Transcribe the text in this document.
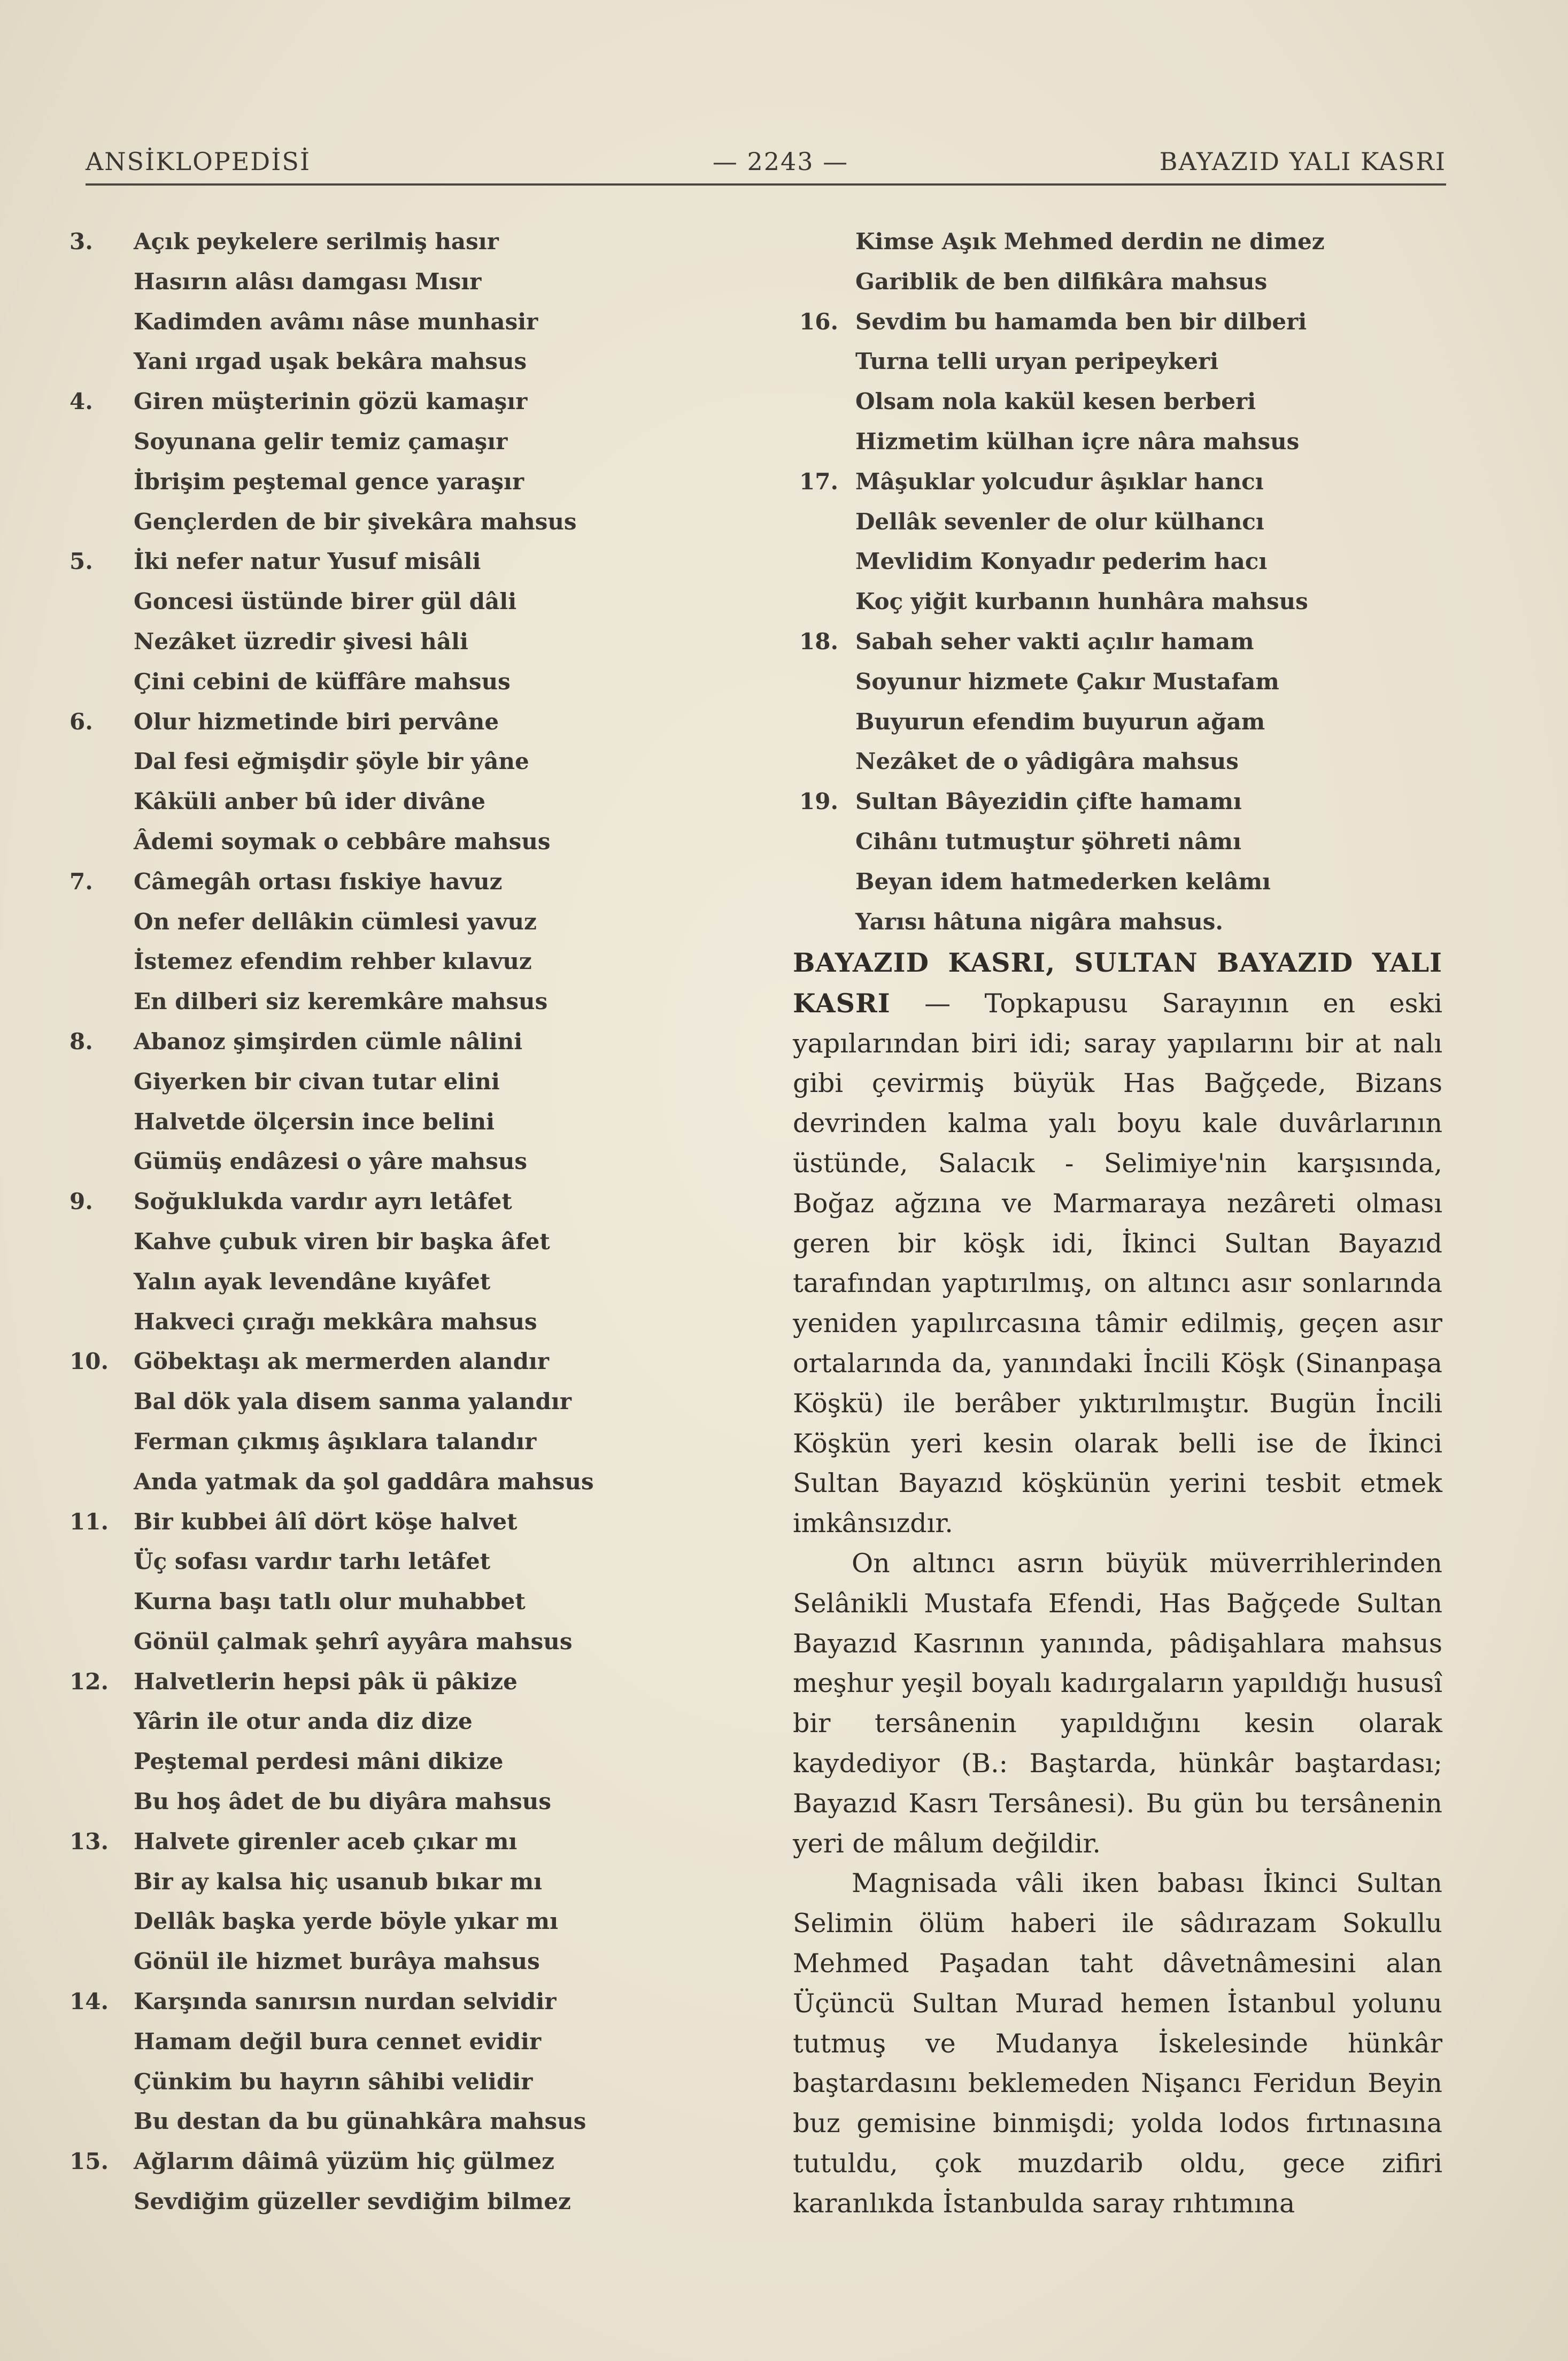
ANSİKLOPEDİSİ	— 2243 —	BAYAZID YALI KASRI
3. Açık peykelere serilmiş hasır
Hasırın alâsı damgası Mısır
Kadimden avâmı nâse munhasir
Yani ırgad uşak bekâra mahsus
4. Giren müşterinin gözü kamaşır
Soyunana gelir temiz çamaşır
İbrişim peştemal gence yaraşır
Gençlerden de bir şivekâra mahsus
5. İki nefer natur Yusuf misâli
Goncesi üstünde birer gül dâli
Nezâket üzredir şivesi hâli
Çini cebini de küffâre mahsus
6. Olur hizmetinde biri pervâne
Dal fesi eğmişdir şöyle bir yâne
Kâküli anber bû ider divâne
Âdemi soymak o cebbâre mahsus
7. Câmegâh ortası fıskiye havuz
On nefer dellâkin cümlesi yavuz
İstemez efendim rehber kılavuz
En dilberi siz keremkâre mahsus
8. Abanoz şimşirden cümle nâlini
Giyerken bir civan tutar elini
Halvetde ölçersin ince belini
Gümüş endâzesi o yâre mahsus
9. Soğuklukda vardır ayrı letâfet
Kahve çubuk viren bir başka âfet
Yalın ayak levendâne kıyâfet
Hakveci çırağı mekkâra mahsus
10. Göbektaşı ak mermerden alandır
Bal dök yala disem sanma yalandır
Ferman çıkmış âşıklara talandır
Anda yatmak da şol gaddâra mahsus
11. Bir kubbei âlî dört köşe halvet
Üç sofası vardır tarhı letâfet
Kurna başı tatlı olur muhabbet
Gönül çalmak şehrî ayyâra mahsus
12. Halvetlerin hepsi pâk ü pâkize
Yârin ile otur anda diz dize
Peştemal perdesi mâni dikize
Bu hoş âdet de bu diyâra mahsus
13. Halvete girenler aceb çıkar mı
Bir ay kalsa hiç usanub bıkar mı
Dellâk başka yerde böyle yıkar mı
Gönül ile hizmet burâya mahsus
14. Karşında sanırsın nurdan selvidir
Hamam değil bura cennet evidir
Çünkim bu hayrın sâhibi velidir
Bu destan da bu günahkâra mahsus
15. Ağlarım dâimâ yüzüm hiç gülmez
Sevdiğim güzeller sevdiğim bilmez
Kimse Aşık Mehmed derdin ne dimez
Gariblik de ben dilfikâra mahsus
16. Sevdim bu hamamda ben bir dilberi
Turna telli uryan peripeykeri
Olsam nola kakül kesen berberi
Hizmetim külhan içre nâra mahsus
17. Mâşuklar yolcudur âşıklar hancı
Dellâk sevenler de olur külhancı
Mevlidim Konyadır pederim hacı
Koç yiğit kurbanın hunhâra mahsus
18. Sabah seher vakti açılır hamam
Soyunur hizmete Çakır Mustafam
Buyurun efendim buyurun ağam
Nezâket de o yâdigâra mahsus
19. Sultan Bâyezidin çifte hamamı
Cihânı tutmuştur şöhreti nâmı
Beyan idem hatmederken kelâmı
Yarısı hâtuna nigâra mahsus.

BAYAZID KASRI, SULTAN BAYAZID YALI KASRI — Topkapusu Sarayının en eski yapılarından biri idi; saray yapılarını bir at nalı gibi çevirmiş büyük Has Bağçede, Bizans devrinden kalma yalı boyu kale duvârlarının üstünde, Salacık - Selimiye'nin karşısında, Boğaz ağzına ve Marmaraya nezâreti olması geren bir köşk idi, İkinci Sultan Bayazıd tarafından yaptırılmış, on altıncı asır sonlarında yeniden yapılırcasına tâmir edilmiş, geçen asır ortalarında da, yanındaki İncili Köşk (Sinanpaşa Köşkü) ile berâber yıktırılmıştır. Bugün İncili Köşkün yeri kesin olarak belli ise de İkinci Sultan Bayazıd köşkünün yerini tesbit etmek imkânsızdır.

On altıncı asrın büyük müverrihlerinden Selânikli Mustafa Efendi, Has Bağçede Sultan Bayazıd Kasrının yanında, pâdişahlara mahsus meşhur yeşil boyalı kadırgaların yapıldığı hususî bir tersânenin yapıldığını kesin olarak kaydediyor (B.: Baştarda, hünkâr baştardası; Bayazıd Kasrı Tersânesi). Bu gün bu tersânenin yeri de mâlum değildir.

Magnisada vâli iken babası İkinci Sultan Selimin ölüm haberi ile sâdırazam Sokullu Mehmed Paşadan taht dâvetnâmesini alan Üçüncü Sultan Murad hemen İstanbul yolunu tutmuş ve Mudanya İskelesinde hünkâr baştardasını beklemeden Nişancı Feridun Beyin buz gemisine binmişdi; yolda lodos fırtınasına tutuldu, çok muzdarib oldu, gece zifiri karanlıkda İstanbulda saray rıhtımına
